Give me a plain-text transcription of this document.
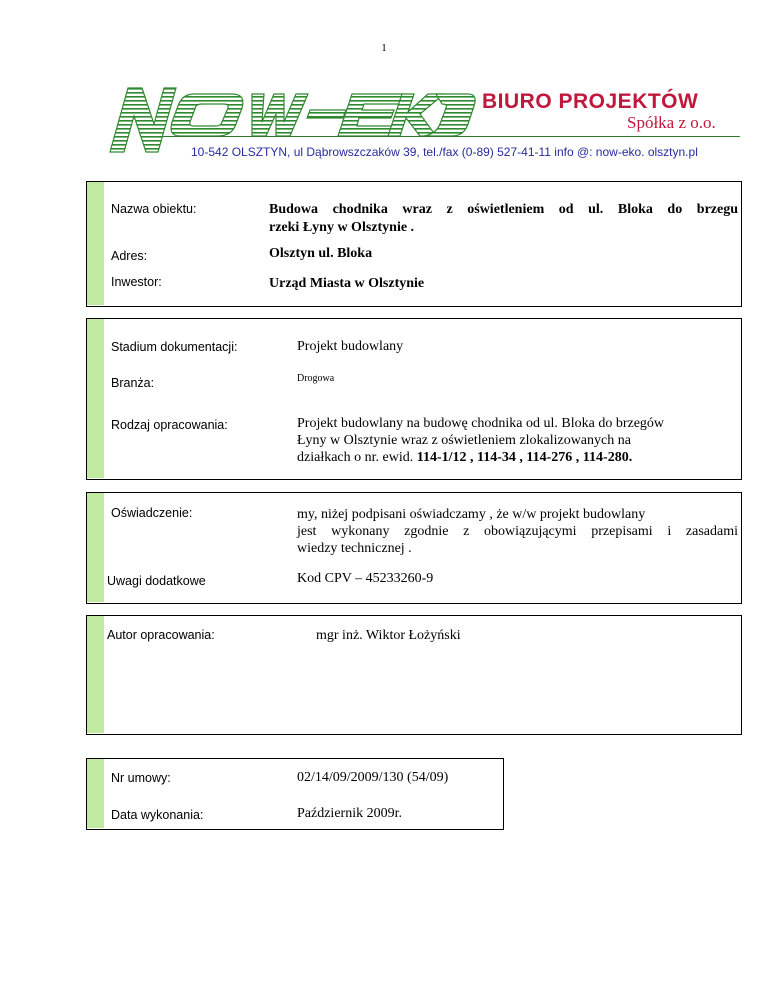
1
BIURO PROJEKTÓW
Spółka z o.o.
10-542 OLSZTYN, ul Dąbrowszczaków 39, tel./fax (0-89) 527-41-11 info @: now-eko. olsztyn.pl
Nazwa obiektu:	Budowa chodnika wraz z oświetleniem od ul. Bloka do brzegu
rzeki Łyny w Olsztynie .
Adres:	Olsztyn ul. Bloka
Inwestor:	Urząd Miasta w Olsztynie
Stadium dokumentacji:	Projekt budowlany
Branża:	Drogowa
Rodzaj opracowania:	Projekt budowlany na budowę chodnika od ul. Bloka do brzegów
Łyny w Olsztynie wraz z oświetleniem zlokalizowanych na
działkach o nr. ewid. 114-1/12 , 114-34 , 114-276 , 114-280.
Oświadczenie:	my, niżej podpisani oświadczamy , że w/w projekt budowlany
jest wykonany zgodnie z obowiązującymi przepisami i zasadami
wiedzy technicznej .
Uwagi dodatkowe	Kod CPV – 45233260-9
Autor opracowania:	mgr inż. Wiktor Łożyński
Nr umowy:	02/14/09/2009/130 (54/09)
Data wykonania:	Październik 2009r.
